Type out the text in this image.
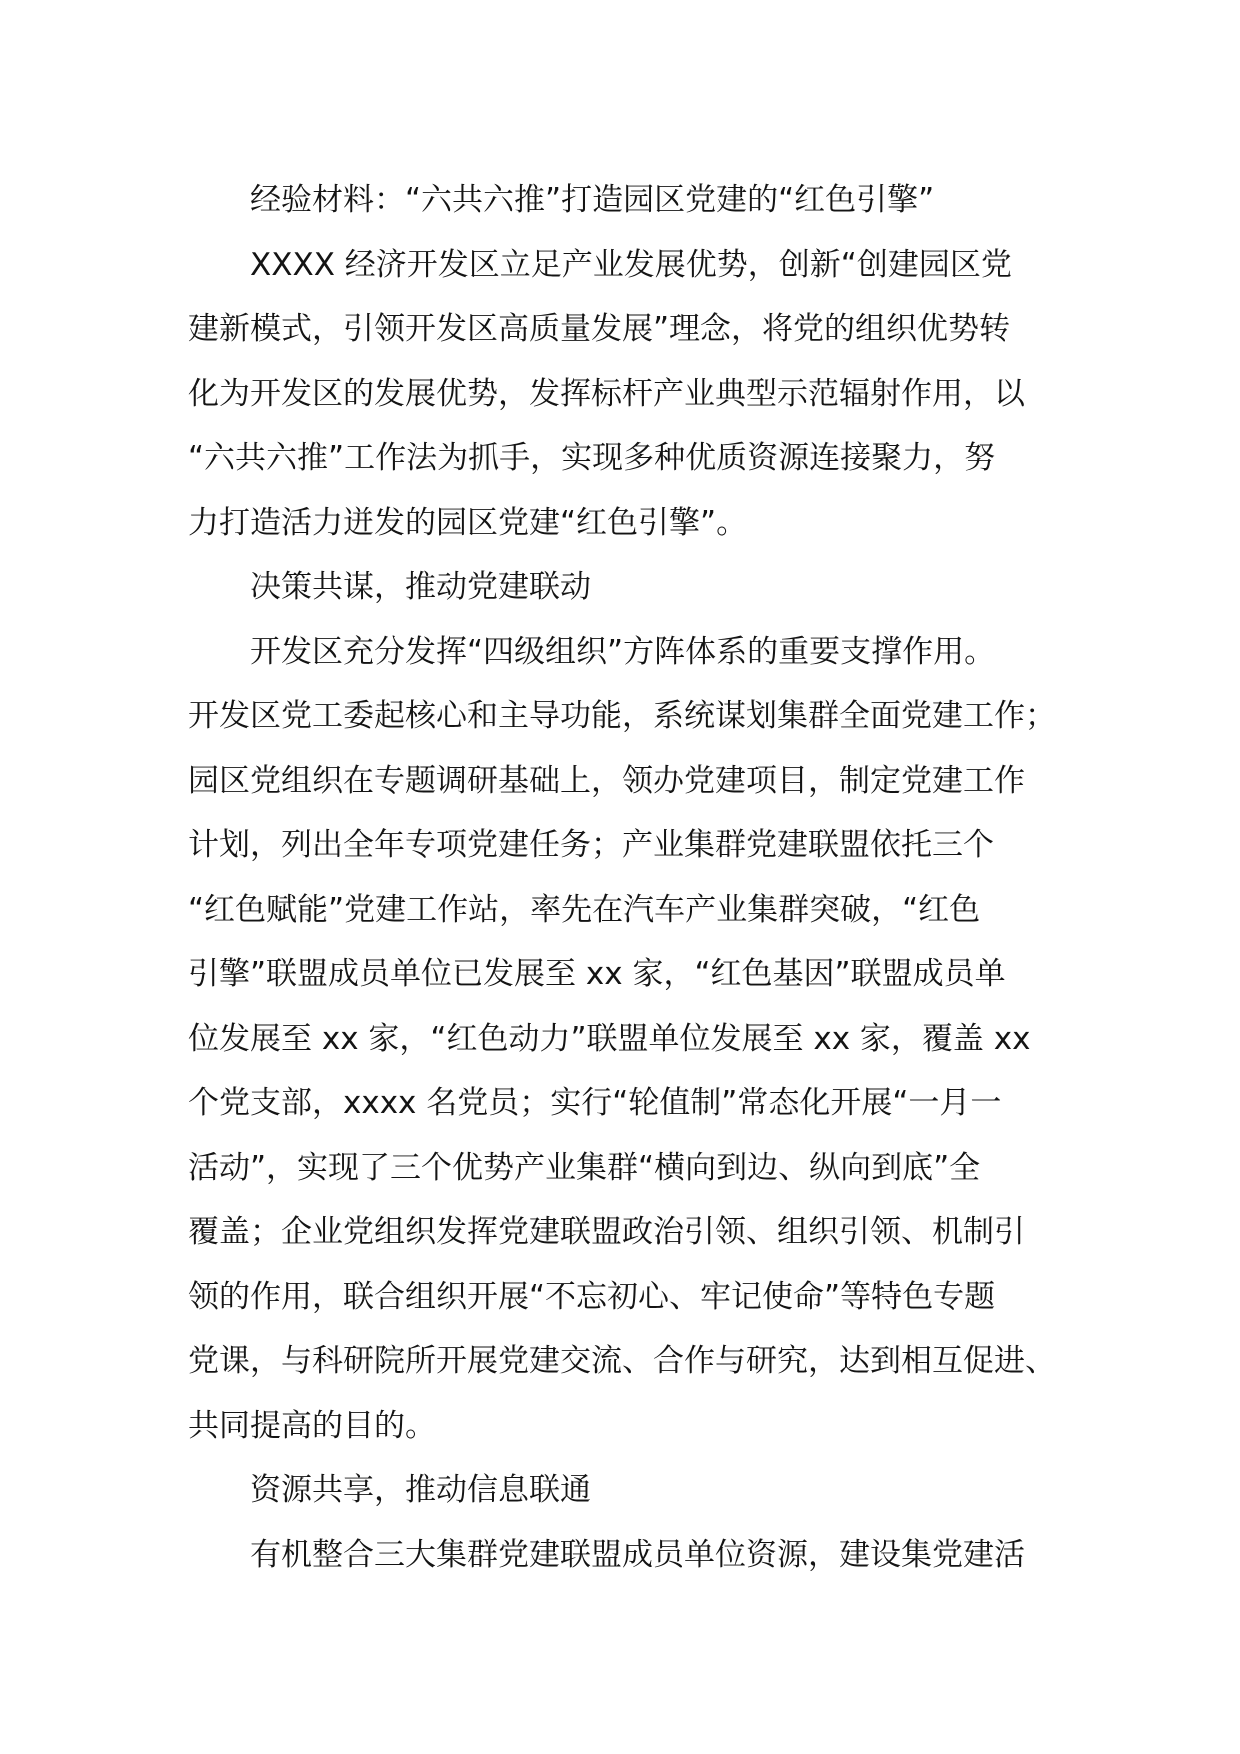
经验材料：“六共六推”打造园区党建的“红色引擎”
XXXX 经济开发区立足产业发展优势，创新“创建园区党
建新模式，引领开发区高质量发展”理念，将党的组织优势转
化为开发区的发展优势，发挥标杆产业典型示范辐射作用，以
“六共六推”工作法为抓手，实现多种优质资源连接聚力，努
力打造活力迸发的园区党建“红色引擎”。
决策共谋，推动党建联动
开发区充分发挥“四级组织”方阵体系的重要支撑作用。
开发区党工委起核心和主导功能，系统谋划集群全面党建工作；
园区党组织在专题调研基础上，领办党建项目，制定党建工作
计划，列出全年专项党建任务；产业集群党建联盟依托三个
“红色赋能”党建工作站，率先在汽车产业集群突破，“红色
引擎”联盟成员单位已发展至 xx 家，“红色基因”联盟成员单
位发展至 xx 家，“红色动力”联盟单位发展至 xx 家，覆盖 xx
个党支部，xxxx 名党员；实行“轮值制”常态化开展“一月一
活动”，实现了三个优势产业集群“横向到边、纵向到底”全
覆盖；企业党组织发挥党建联盟政治引领、组织引领、机制引
领的作用，联合组织开展“不忘初心、牢记使命”等特色专题
党课，与科研院所开展党建交流、合作与研究，达到相互促进、
共同提高的目的。
资源共享，推动信息联通
有机整合三大集群党建联盟成员单位资源，建设集党建活
